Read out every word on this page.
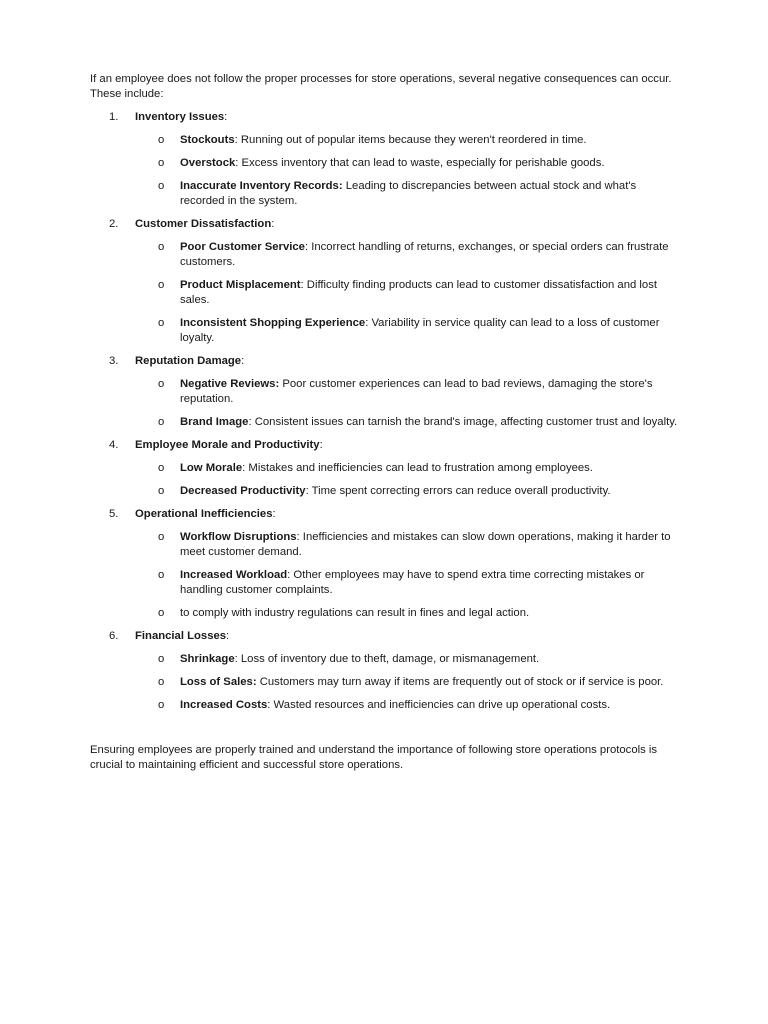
If an employee does not follow the proper processes for store operations, several negative consequences can occur. These include:

1.	Inventory Issues:
o Stockouts: Running out of popular items because they weren't reordered in time.
o Overstock: Excess inventory that can lead to waste, especially for perishable goods.
o Inaccurate Inventory Records: Leading to discrepancies between actual stock and what's recorded in the system.
2.	Customer Dissatisfaction:
o Poor Customer Service: Incorrect handling of returns, exchanges, or special orders can frustrate customers.
o Product Misplacement: Difficulty finding products can lead to customer dissatisfaction and lost sales.
o Inconsistent Shopping Experience: Variability in service quality can lead to a loss of customer loyalty.
3.	Reputation Damage:
o Negative Reviews: Poor customer experiences can lead to bad reviews, damaging the store's reputation.
o Brand Image: Consistent issues can tarnish the brand's image, affecting customer trust and loyalty.
4.	Employee Morale and Productivity:
o Low Morale: Mistakes and inefficiencies can lead to frustration among employees.
o Decreased Productivity: Time spent correcting errors can reduce overall productivity.
5.	Operational Inefficiencies:
o Workflow Disruptions: Inefficiencies and mistakes can slow down operations, making it harder to meet customer demand.
o Increased Workload: Other employees may have to spend extra time correcting mistakes or handling customer complaints.
o to comply with industry regulations can result in fines and legal action.
6.	Financial Losses:
o Shrinkage: Loss of inventory due to theft, damage, or mismanagement.
o Loss of Sales: Customers may turn away if items are frequently out of stock or if service is poor.
o Increased Costs: Wasted resources and inefficiencies can drive up operational costs.

Ensuring employees are properly trained and understand the importance of following store operations protocols is crucial to maintaining efficient and successful store operations.
